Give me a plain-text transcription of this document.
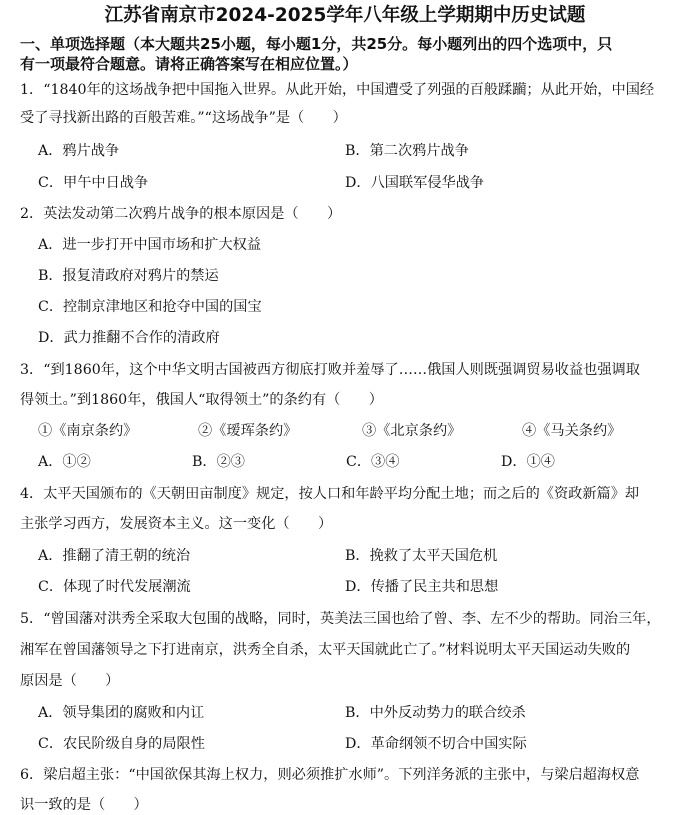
江苏省南京市2024-2025学年八年级上学期期中历史试题
一、单项选择题（本大题共25小题，每小题1分，共25分。每小题列出的四个选项中，只
有一项最符合题意。请将正确答案写在相应位置。）
1．“1840年的这场战争把中国拖入世界。从此开始，中国遭受了列强的百般蹂躏；从此开始，中国经
受了寻找新出路的百般苦难。”“这场战争”是（　　）
A．鸦片战争	B．第二次鸦片战争
C．甲午中日战争	D．八国联军侵华战争
2．英法发动第二次鸦片战争的根本原因是（　　）
A．进一步打开中国市场和扩大权益
B．报复清政府对鸦片的禁运
C．控制京津地区和抢夺中国的国宝
D．武力推翻不合作的清政府
3．“到1860年，这个中华文明古国被西方彻底打败并羞辱了……俄国人则既强调贸易收益也强调取
得领土。”到1860年，俄国人“取得领土”的条约有（　　）
①《南京条约》	②《瑷珲条约》	③《北京条约》	④《马关条约》
A．①②	B．②③	C．③④	D．①④
4．太平天国颁布的《天朝田亩制度》规定，按人口和年龄平均分配土地；而之后的《资政新篇》却
主张学习西方，发展资本主义。这一变化（　　）
A．推翻了清王朝的统治	B．挽救了太平天国危机
C．体现了时代发展潮流	D．传播了民主共和思想
5．“曾国藩对洪秀全采取大包围的战略，同时，英美法三国也给了曾、李、左不少的帮助。同治三年，
湘军在曾国藩领导之下打进南京，洪秀全自杀，太平天国就此亡了。”材料说明太平天国运动失败的
原因是（　　）
A．领导集团的腐败和内讧	B．中外反动势力的联合绞杀
C．农民阶级自身的局限性	D．革命纲领不切合中国实际
6．梁启超主张：“中国欲保其海上权力，则必须推扩水师”。下列洋务派的主张中，与梁启超海权意
识一致的是（　　）
